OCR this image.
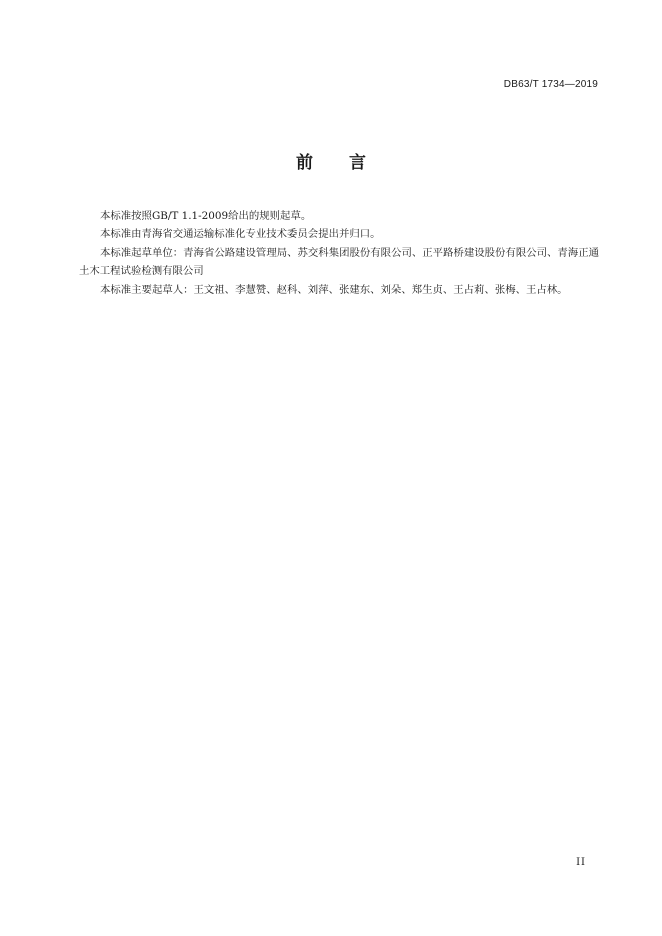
DB63/T 1734—2019
前言

本标准按照GB/T 1.1-2009给出的规则起草。

本标准由青海省交通运输标准化专业技术委员会提出并归口。

本标准起草单位：青海省公路建设管理局、苏交科集团股份有限公司、正平路桥建设股份有限公司、青海正通土木工程试验检测有限公司

本标准主要起草人：王文祖、李慧赞、赵科、刘萍、张建东、刘朵、郑生贞、王占莉、张梅、王占林。

II
